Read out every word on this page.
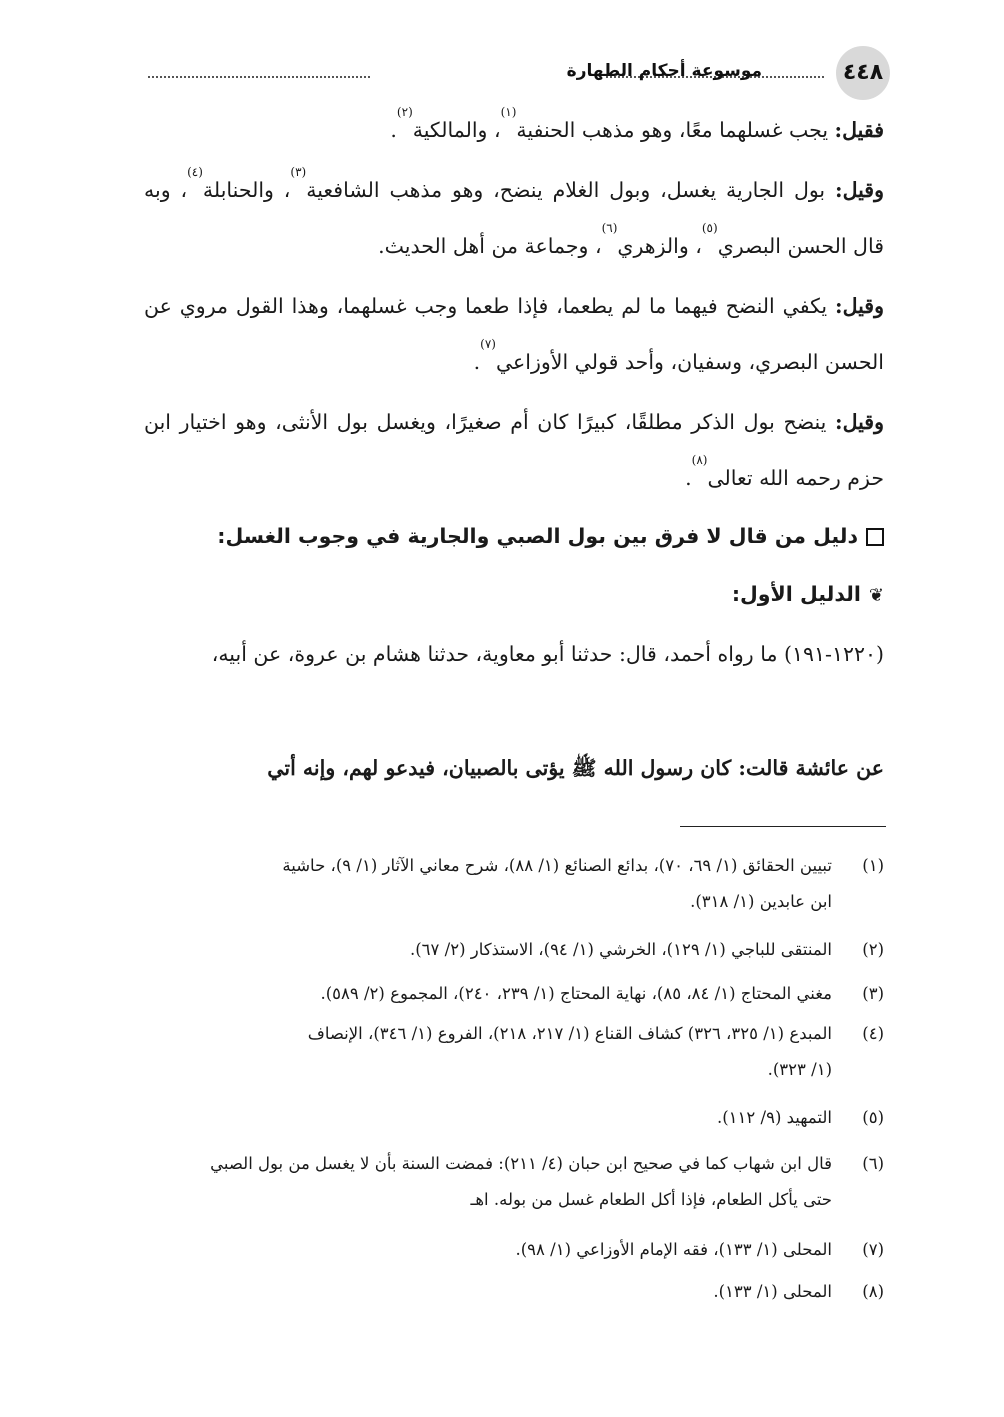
٤٤٨
موسوعة أحكام الطهارة
فقيل: يجب غسلهما معًا، وهو مذهب الحنفية$^{(١)}$، والمالكية$^{(٢)}$.
وقيل: بول الجارية يغسل، وبول الغلام ينضح، وهو مذهب الشافعية$^{(٣)}$، والحنابلة$^{(٤)}$، وبه قال الحسن البصري$^{(٥)}$، والزهري$^{(٦)}$، وجماعة من أهل الحديث.
وقيل: يكفي النضح فيهما ما لم يطعما، فإذا طعما وجب غسلهما، وهذا القول مروي عن الحسن البصري، وسفيان، وأحد قولي الأوزاعي$^{(٧)}$.
وقيل: ينضح بول الذكر مطلقًا، كبيرًا كان أم صغيرًا، ويغسل بول الأنثى، وهو اختيار ابن حزم رحمه الله تعالى$^{(٨)}$.
دليل من قال لا فرق بين بول الصبي والجارية في وجوب الغسل:
❦الدليل الأول:
(١٢٢٠-١٩١) ما رواه أحمد، قال: حدثنا أبو معاوية، حدثنا هشام بن عروة، عن أبيه،
عن عائشة قالت: كان رسول الله ﷺ يؤتى بالصبيان، فيدعو لهم، وإنه أتي
(١)تبيين الحقائق (١/ ٦٩، ٧٠)، بدائع الصنائع (١/ ٨٨)، شرح معاني الآثار (١/ ٩)، حاشية
ابن عابدين (١/ ٣١٨).
(٢)المنتقى للباجي (١/ ١٢٩)، الخرشي (١/ ٩٤)، الاستذكار (٢/ ٦٧).
(٣)مغني المحتاج (١/ ٨٤، ٨٥)، نهاية المحتاج (١/ ٢٣٩، ٢٤٠)، المجموع (٢/ ٥٨٩).
(٤)المبدع (١/ ٣٢٥، ٣٢٦) كشاف القناع (١/ ٢١٧، ٢١٨)، الفروع (١/ ٣٤٦)، الإنصاف
(١/ ٣٢٣).
(٥)التمهيد (٩/ ١١٢).
(٦)قال ابن شهاب كما في صحيح ابن حبان (٤/ ٢١١): فمضت السنة بأن لا يغسل من بول الصبي
حتى يأكل الطعام، فإذا أكل الطعام غسل من بوله. اهـ
(٧)المحلى (١/ ١٣٣)، فقه الإمام الأوزاعي (١/ ٩٨).
(٨)المحلى (١/ ١٣٣).
